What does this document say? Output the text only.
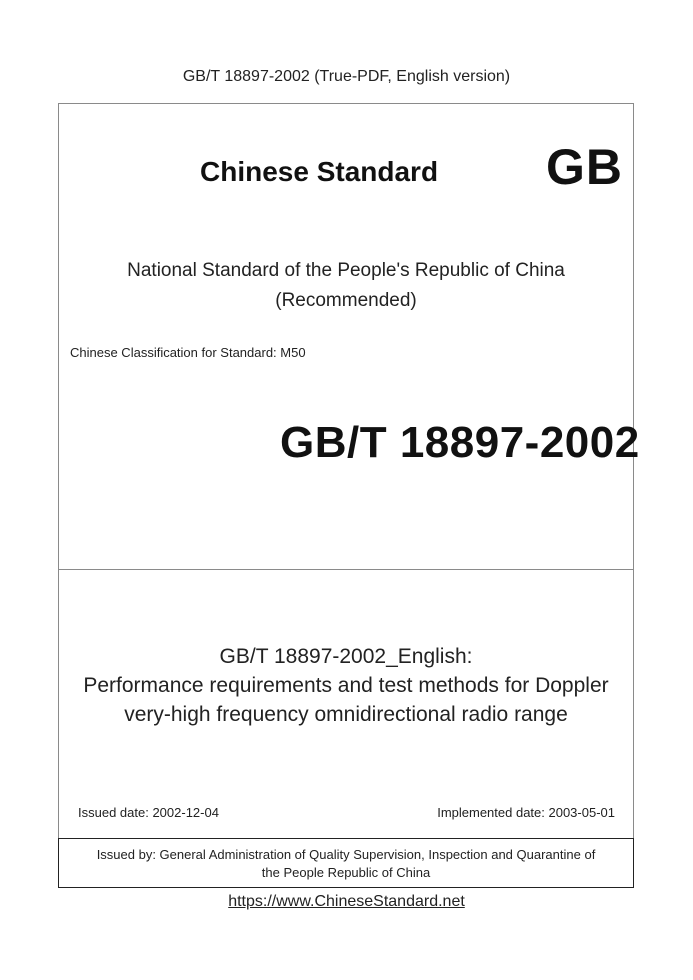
GB/T 18897-2002 (True-PDF, English version)
Chinese Standard GB
National Standard of the People's Republic of China
(Recommended)
Chinese Classification for Standard: M50
GB/T 18897-2002
GB/T 18897-2002_English:
Performance requirements and test methods for Doppler
very-high frequency omnidirectional radio range
Issued date: 2002-12-04	Implemented date: 2003-05-01
Issued by: General Administration of Quality Supervision, Inspection and Quarantine of
the People Republic of China
https://www.ChineseStandard.net
